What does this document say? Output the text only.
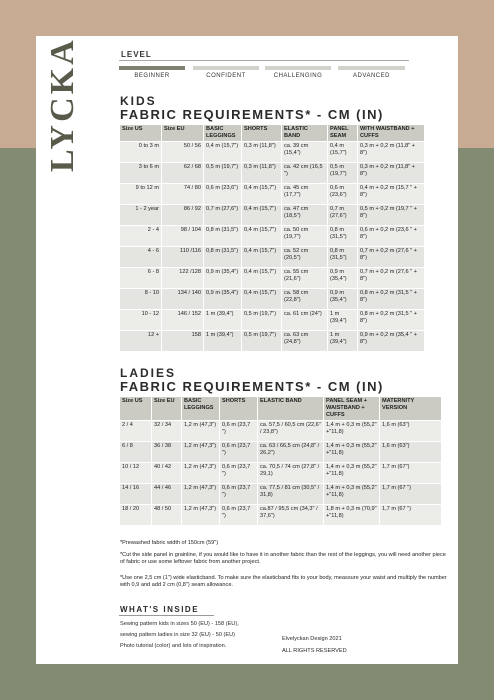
LYCKA	LEVEL
BEGINNER	CONFIDENT	CHALLENGING	ADVANCED
KIDS
FABRIC REQUIREMENTS* - CM (IN)
Size US	Size EU	BASIC LEGGINGS	SHORTS	ELASTIC BAND	PANEL SEAM	WITH WAISTBAND + CUFFS
0 to 3 m	50 / 56	0,4 m (15,7")	0,3 m (11,8")	ca. 39 cm (15,4")	0,4 m (15,7")	0,3 m + 0,2 m (11,8" + 8")
3 to 6 m	62 / 68	0,5 m (19,7")	0,3 m (11,8")	ca. 42 cm (16,5 ")	0,5 m (19,7")	0,3 m + 0,2 m (11,8" + 8")
9 to 12 m	74 / 80	0,6 m (23,6")	0,4 m (15,7")	ca. 45 cm (17,7")	0,6 m (23,6")	0,4 m + 0,2 m (15,7 " + 8")
1 - 2 year	86 / 92	0,7 m (27,6")	0,4 m (15,7")	ca. 47 cm (18,5")	0,7 m (27,6")	0,5 m + 0,2 m (19,7 " + 8")
2 - 4	98 / 104	0,8 m (31,5")	0,4 m (15,7")	ca. 50 cm (19,7")	0,8 m (31,5")	0,6 m + 0,2 m (23,6 " + 8")
4 - 6	110 /116	0,8 m (31,5")	0,4 m (15,7")	ca. 52 cm (20,5")	0,8 m (31,5")	0,7 m + 0,2 m (27,6 " + 8")
6 - 8	122 /128	0,9 m (35,4")	0,4 m (15,7")	ca. 55 cm (21,6")	0,9 m (35,4")	0,7 m + 0,2 m (27,6 " + 8")
8 - 10	134 / 140	0,9 m (35,4")	0,4 m (15,7")	ca. 58 cm (22,8")	0,9 m (35,4")	0,8 m + 0,2 m (31,5 " + 8")
10 - 12	146 / 152	1 m (39,4")	0,5 m (19,7")	ca. 61 cm (24")	1 m (39,4")	0,8 m + 0,2 m (31,5 " + 8")
12 +	158	1 m (39,4")	0,5 m (19,7")	ca. 63 cm (24,8")	1 m (39,4")	0,9 m + 0,2 m (35,4 " + 8")
LADIES
FABRIC REQUIREMENTS* - CM (IN)
Size US	Size EU	BASIC LEGGINGS	SHORTS	ELASTIC BAND	PANEL SEAM + WAISTBAND + CUFFS	MATERNITY VERSION
2 / 4	32 / 34	1,2 m (47,3")	0,6 m (23,7 ")	ca. 57,5 / 60,5 cm (22,6" / 23,8")	1,4 m + 0,3 m (55,2" +"11,8)	1,6 m (63")
6 / 8	36 / 38	1,2 m (47,3")	0,6 m (23,7 ")	ca. 63 / 66,5 cm (24,8" / 26,2")	1,4 m + 0,3 m (55,2" +"11,8)	1,6 m (63")
10 / 12	40 / 42	1,2 m (47,3")	0,6 m (23,7 ")	ca. 70,5 / 74 cm (27,8" / 29,1)	1,4 m + 0,3 m (55,2" +"11,8)	1,7 m (67")
14 / 16	44 / 46	1,2 m (47,3")	0,6 m (23,7 ")	ca. 77,5 / 81 cm (30,5" / 31,8)	1,4 m + 0,3 m (55,2" +"11,8)	1,7 m (67 ")
18 / 20	48 / 50	1,2 m (47,3")	0,6 m (23,7 ")	ca.87 / 95,5 cm (34,3" / 37,6")	1,8 m + 0,3 m (70,9" +"11,8)	1,7 m (67 ")
*Prewashed fabric width of 150cm (59")
*Cut the side panel in grainline, if you would like to have it in another fabric than the rest of the leggings, you will need another piece of fabric or use some leftover fabric from another project.
*Use one 2,5 cm (1") wide elasticband. To make sure the elasticband fits to your body, meassure your waist and multiply the number with 0,9 and add 2 cm (0,8") seam allowance.
WHAT'S INSIDE
Sewing pattern kids in sizes 50 (EU) - 158 (EU),
sewing pattern ladies in size 32 (EU) - 50 (EU)
Photo tutorial (color) and lots of inspiration.
Elvelyckan Design 2021
ALL RIGHTS RESERVED
